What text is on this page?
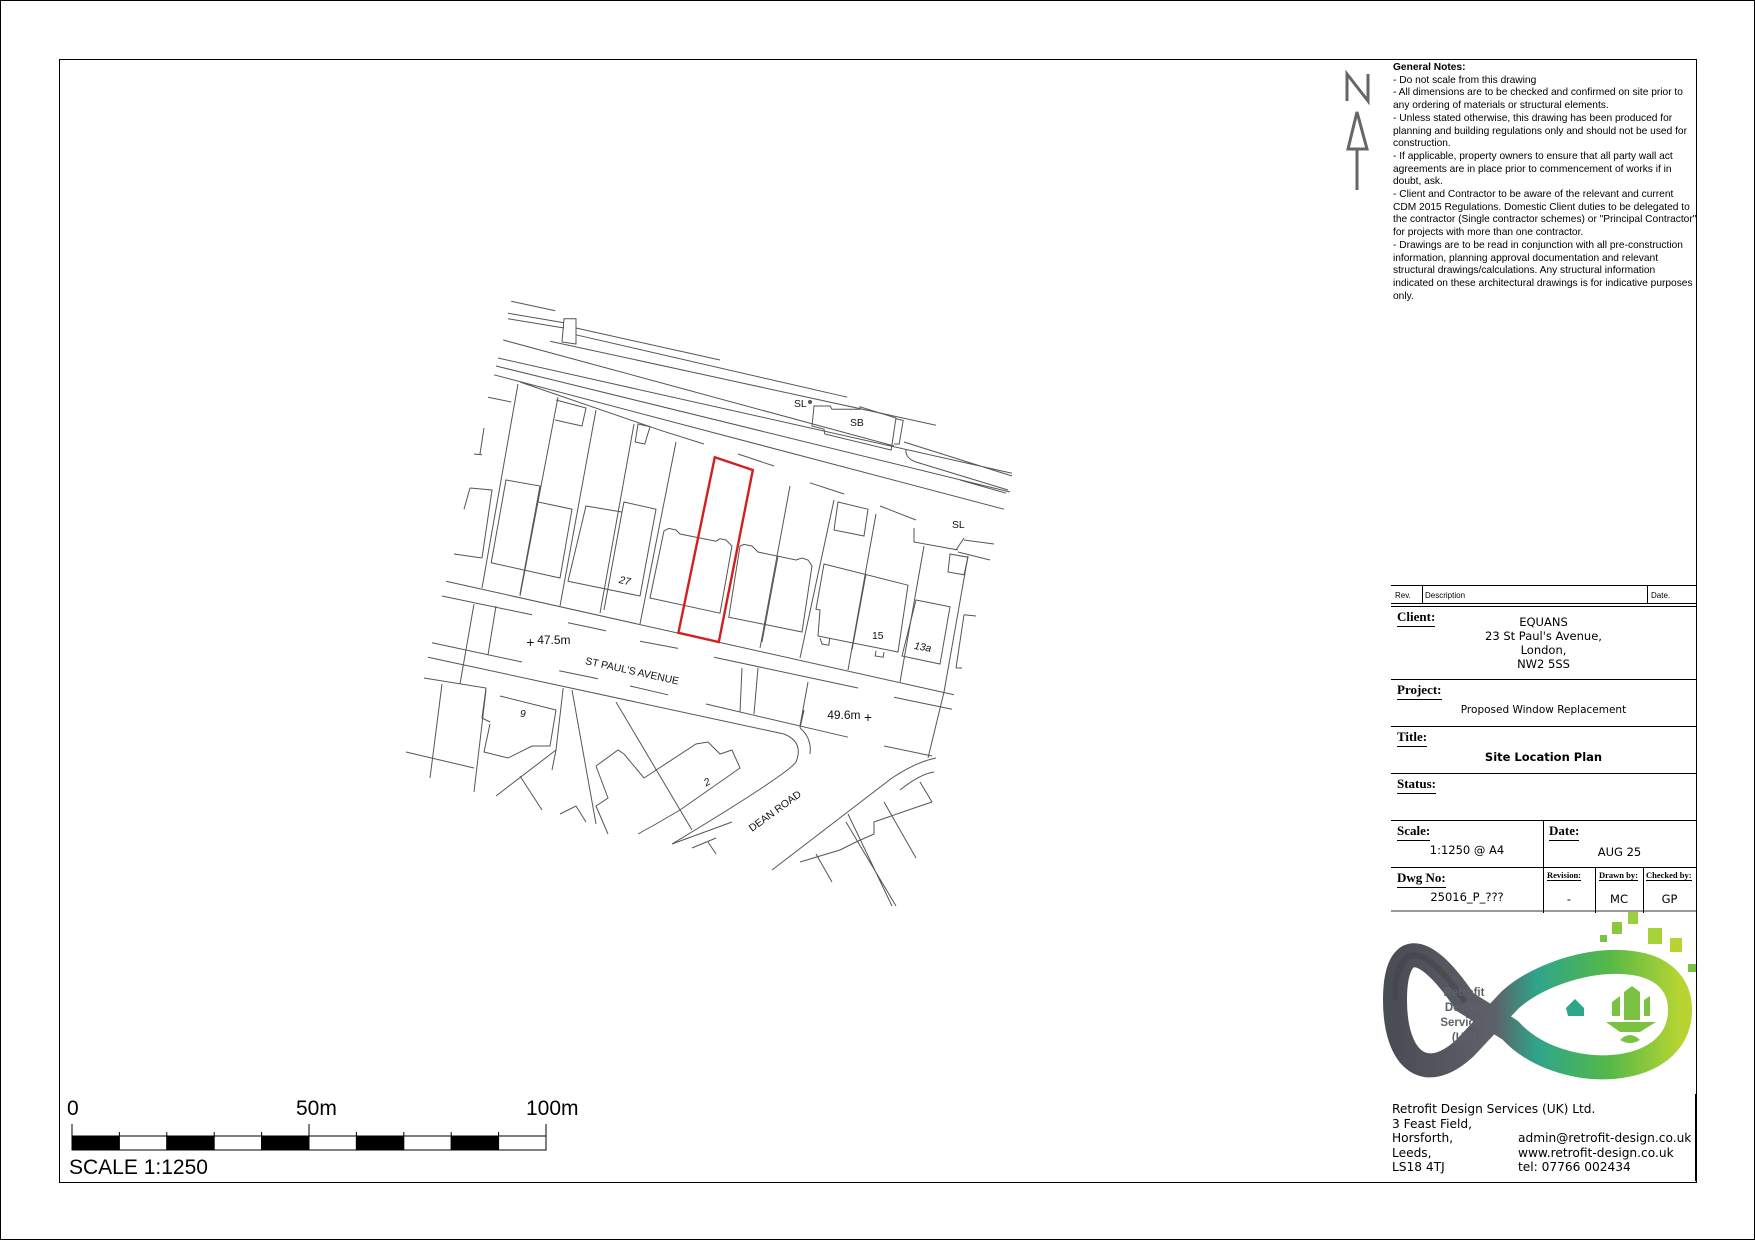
SL
SB
SL
27
15
13a
9
2
+ 47.5m
49.6m +
ST PAUL'S AVENUE
DEAN ROAD
0	50m	100m
SCALE 1:1250
Retrofit
Design
Services
(UK)
General Notes:
- Do not scale from this drawing
- All dimensions are to be checked and confirmed on site prior to any ordering of materials or structural elements.
- Unless stated otherwise, this drawing has been produced for planning and building regulations only and should not be used for construction.
- If applicable, property owners to ensure that all party wall act agreements are in place prior to commencement of works if in doubt, ask.
- Client and Contractor to be aware of the relevant and current CDM 2015 Regulations. Domestic Client duties to be delegated to the contractor (Single contractor schemes) or "Principal Contractor" for projects with more than one contractor.
- Drawings are to be read in conjunction with all pre-construction information, planning approval documentation and relevant structural drawings/calculations. Any structural information indicated on these architectural drawings is for indicative purposes only.
Rev. Description	Date.
Client:	EQUANS
23 St Paul's Avenue,
London,
NW2 5SS
Project:
Proposed Window Replacement
Title:
Site Location Plan
Status:
Scale:
1:1250 @ A4
Date:
AUG 25
Dwg No:
25016_P_???
Revision:
-
Drawn by:
MC
Checked by:
GP
Retrofit Design Services (UK) Ltd.
3 Feast Field,
Horsforth,
Leeds,
LS18 4TJ
admin@retrofit-design.co.uk
www.retrofit-design.co.uk
tel: 07766 002434
